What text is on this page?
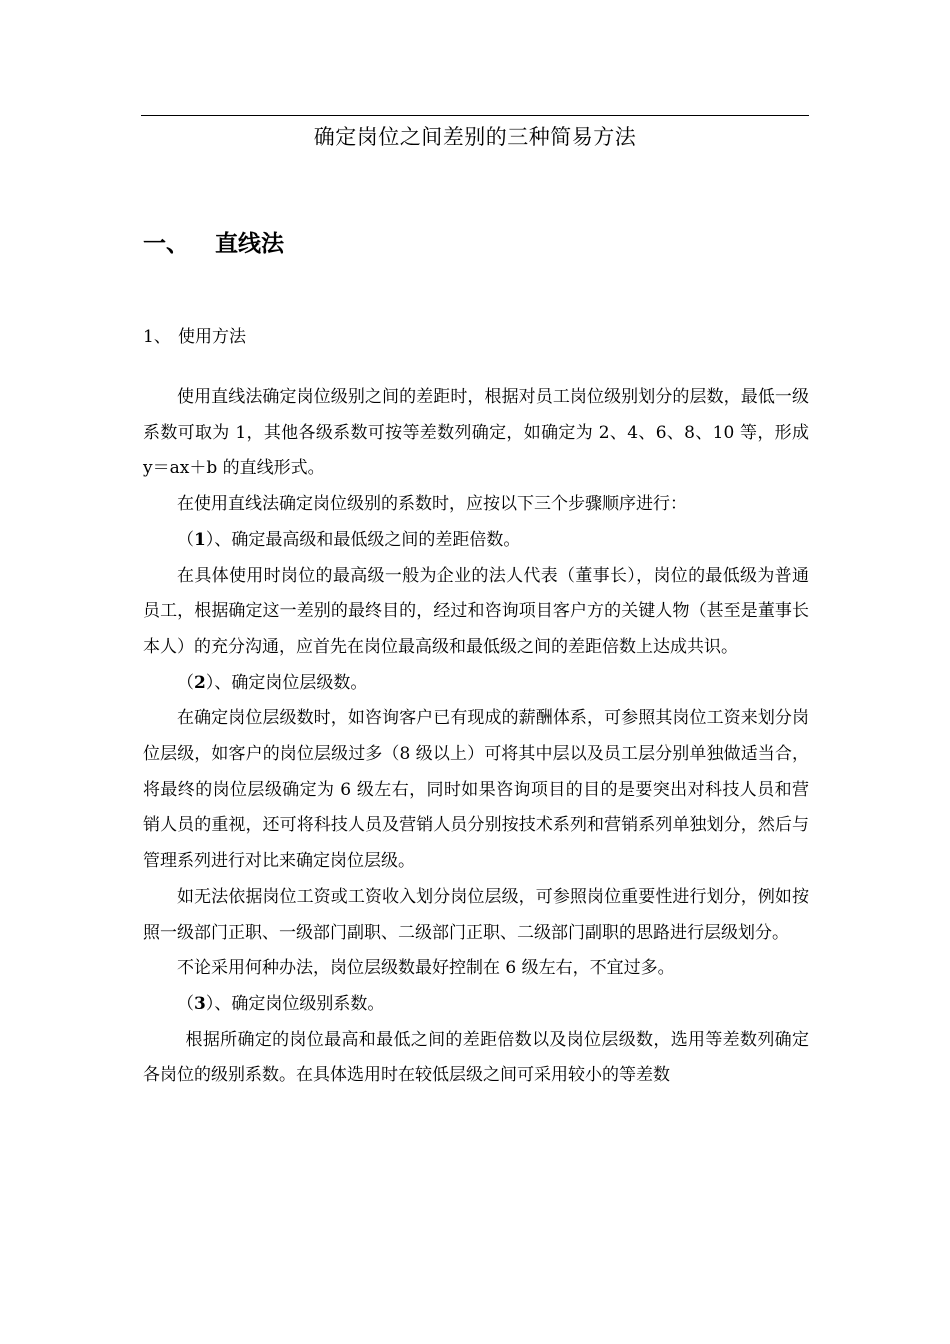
确定岗位之间差别的三种简易方法
一、 直线法
1、 使用方法

使用直线法确定岗位级别之间的差距时，根据对员工岗位级别划分的层数，最低一级系数可取为 1，其他各级系数可按等差数列确定，如确定为 2、4、6、8、10 等，形成 y＝ax＋b 的直线形式。

在使用直线法确定岗位级别的系数时，应按以下三个步骤顺序进行：

（1）、确定最高级和最低级之间的差距倍数。

在具体使用时岗位的最高级一般为企业的法人代表（董事长），岗位的最低级为普通员工，根据确定这一差别的最终目的，经过和咨询项目客户方的关键人物（甚至是董事长本人）的充分沟通，应首先在岗位最高级和最低级之间的差距倍数上达成共识。

（2）、确定岗位层级数。

在确定岗位层级数时，如咨询客户已有现成的薪酬体系，可参照其岗位工资来划分岗位层级，如客户的岗位层级过多（8 级以上）可将其中层以及员工层分别单独做适当合，将最终的岗位层级确定为 6 级左右，同时如果咨询项目的目的是要突出对科技人员和营销人员的重视，还可将科技人员及营销人员分别按技术系列和营销系列单独划分，然后与管理系列进行对比来确定岗位层级。

如无法依据岗位工资或工资收入划分岗位层级，可参照岗位重要性进行划分，例如按照一级部门正职、一级部门副职、二级部门正职、二级部门副职的思路进行层级划分。

不论采用何种办法，岗位层级数最好控制在 6 级左右，不宜过多。

（3）、确定岗位级别系数。

根据所确定的岗位最高和最低之间的差距倍数以及岗位层级数，选用等差数列确定各岗位的级别系数。在具体选用时在较低层级之间可采用较小的等差数
